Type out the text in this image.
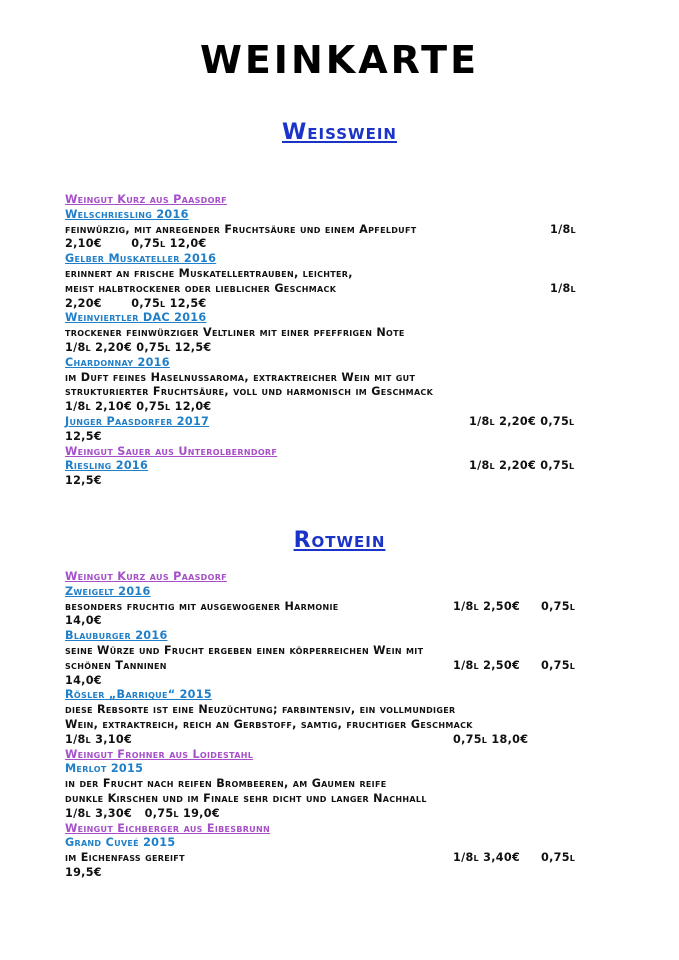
WEINKARTE
Weisswein
Weingut Kurz aus Paasdorf
Welschriesling 2016
feinwürzig, mit anregender Fruchtsäure und einem Apfelduft	1/8l
2,10€       0,75l 12,0€
Gelber Muskateller 2016
erinnert an frische Muskatellertrauben, leichter,
meist halbtrockener oder lieblicher Geschmack	1/8l
2,20€       0,75l 12,5€
Weinviertler DAC 2016
trockener feinwürziger Veltliner mit einer pfeffrigen Note
1/8l 2,20€ 0,75l 12,5€
Chardonnay 2016
im Duft feines Haselnussaroma, extraktreicher Wein mit gut
strukturierter Fruchtsäure, voll und harmonisch im Geschmack
1/8l 2,10€ 0,75l 12,0€
Junger Paasdorfer 2017	1/8l 2,20€ 0,75l
12,5€
Weingut Sauer aus Unterolberndorf
Riesling 2016	1/8l 2,20€ 0,75l
12,5€
Rotwein
Weingut Kurz aus Paasdorf
Zweigelt 2016
besonders fruchtig mit ausgewogener Harmonie	1/8l 2,50€     0,75l
14,0€
Blauburger 2016
seine Würze und Frucht ergeben einen körperreichen Wein mit
schönen Tanninen	1/8l 2,50€     0,75l
14,0€
Rösler „Barrique“ 2015
diese Rebsorte ist eine Neuzüchtung; farbintensiv, ein vollmundiger
Wein, extraktreich, reich an Gerbstoff, samtig, fruchtiger Geschmack
1/8l 3,10€	0,75l 18,0€
Weingut Frohner aus Loidestahl
Merlot 2015
in der Frucht nach reifen Brombeeren, am Gaumen reife
dunkle Kirschen und im Finale sehr dicht und langer Nachhall
1/8l 3,30€   0,75l 19,0€
Weingut Eichberger aus Eibesbrunn
Grand Cuveé 2015
im Eichenfass gereift	1/8l 3,40€     0,75l
19,5€
